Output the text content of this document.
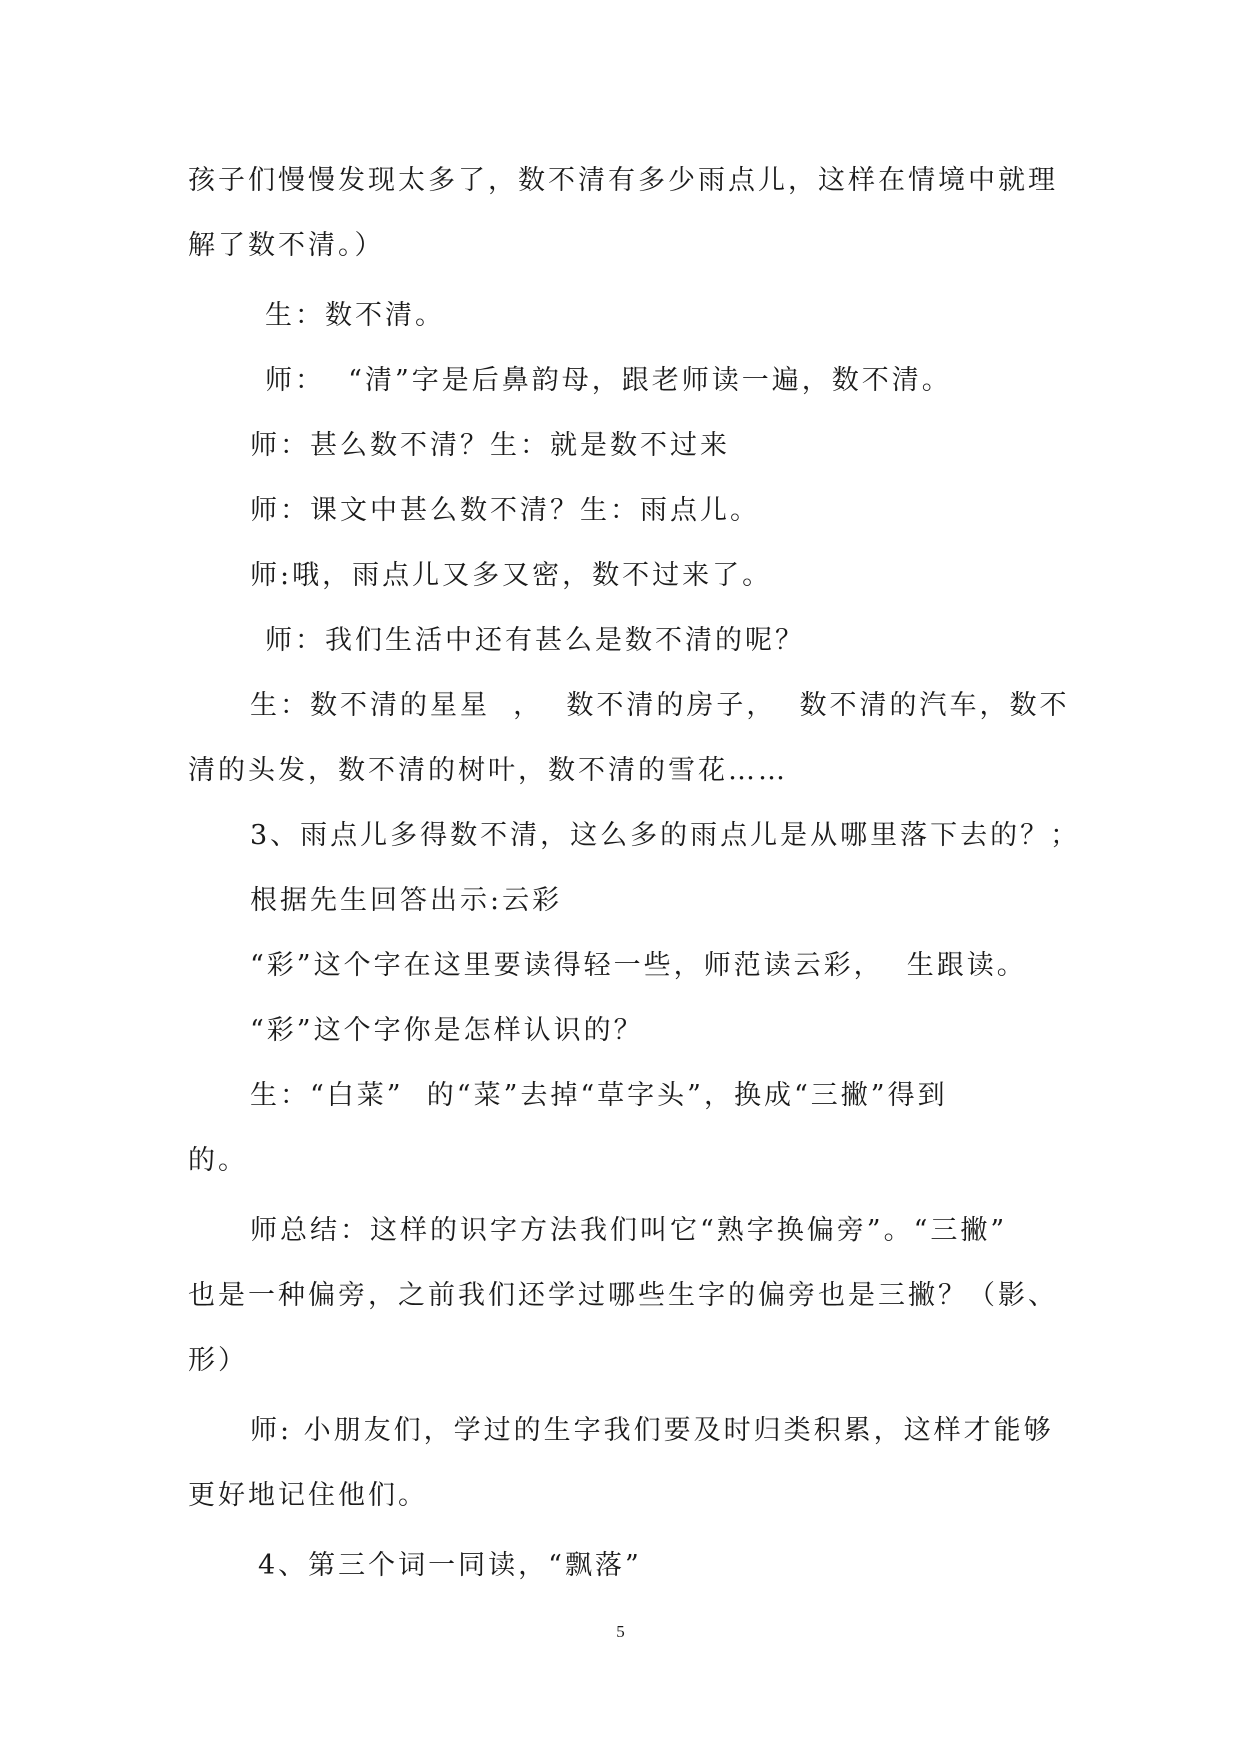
孩子们慢慢发现太多了，数不清有多少雨点儿，这样在情境中就理
解了数不清。）
生：数不清。
师：  “清”字是后鼻韵母，跟老师读一遍，数不清。
师：甚么数不清？生：就是数不过来
师：课文中甚么数不清？生：雨点儿。
师:哦，雨点儿又多又密，数不过来了。
师：我们生活中还有甚么是数不清的呢？
生：数不清的星星  ，  数不清的房子，  数不清的汽车，数不
清的头发，数不清的树叶，数不清的雪花……
3、雨点儿多得数不清，这么多的雨点儿是从哪里落下去的？；
根据先生回答出示:云彩
“彩”这个字在这里要读得轻一些，师范读云彩，  生跟读。
“彩”这个字你是怎样认识的？
生：“白菜”  的“菜”去掉“草字头”，换成“三撇”得到
的。
师总结：这样的识字方法我们叫它“熟字换偏旁”。“三撇”
也是一种偏旁，之前我们还学过哪些生字的偏旁也是三撇？（影、
形）
师: 小朋友们，学过的生字我们要及时归类积累，这样才能够
更好地记住他们。
4、第三个词一同读，“飘落”
5
